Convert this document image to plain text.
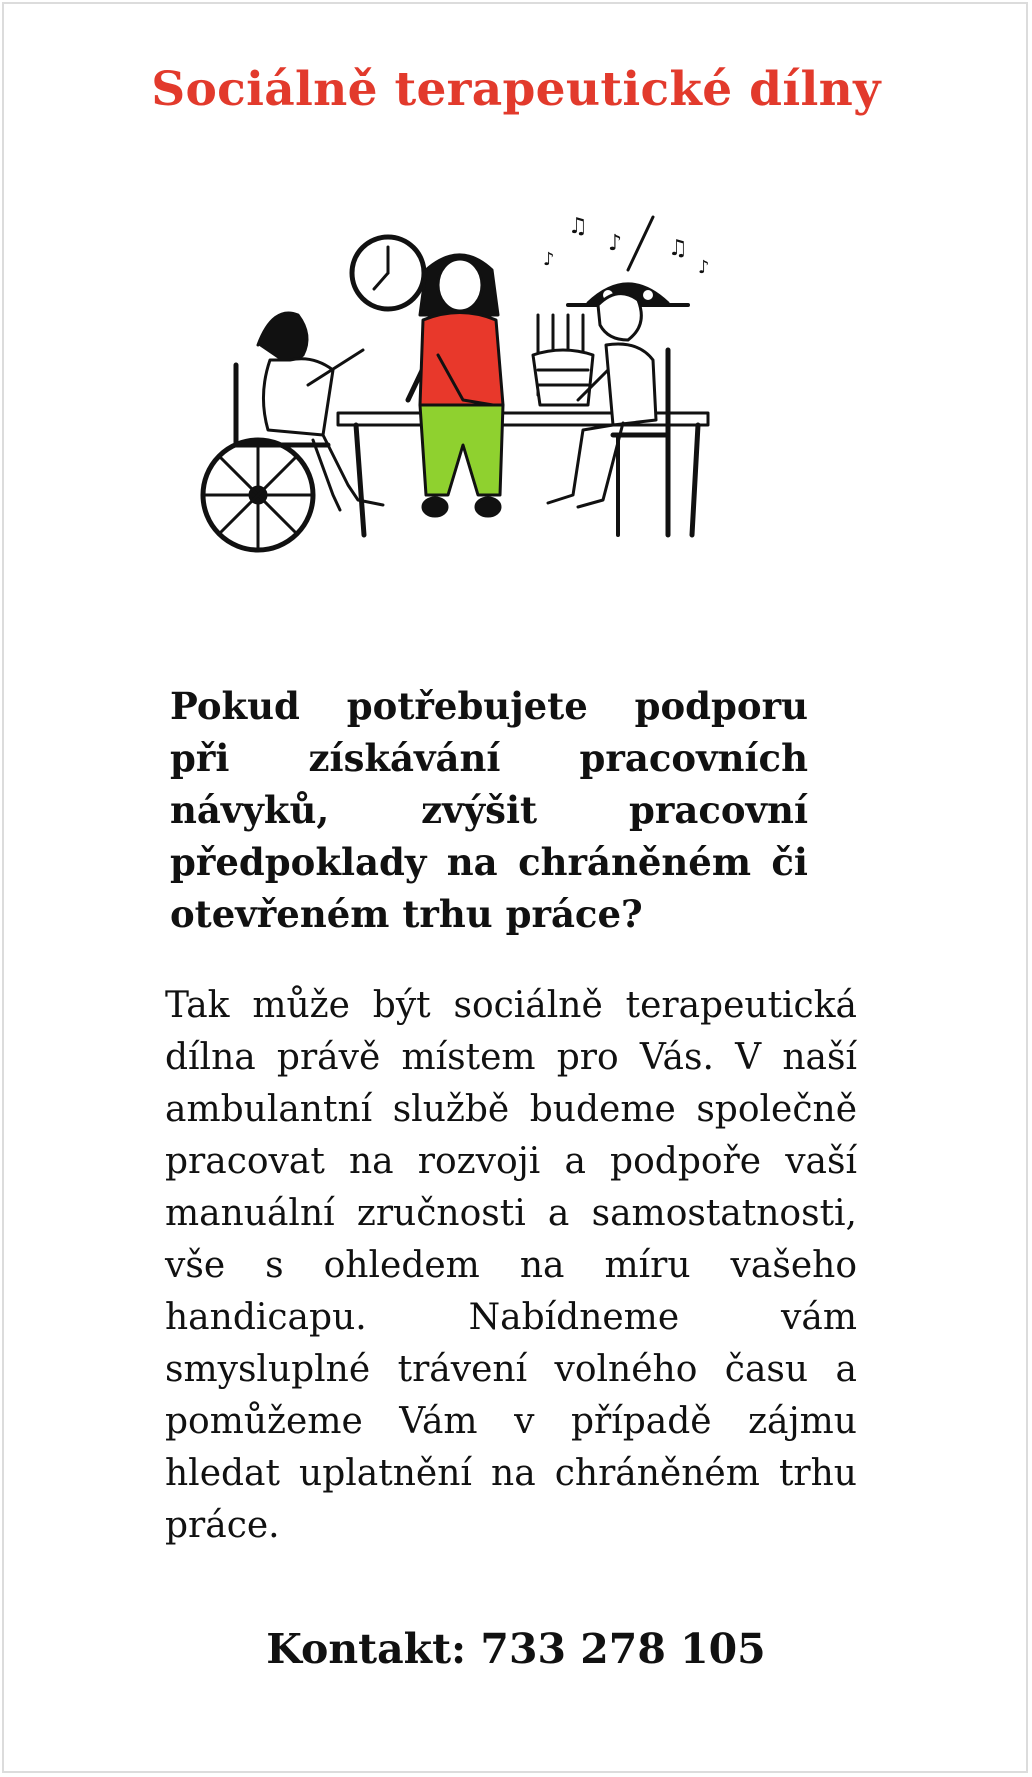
Sociálně terapeutické dílny
♫
♪ ♫
♪	♪
Pokud potřebujete podporu při získávání pracovních návyků, zvýšit pracovní předpoklady na chráněném či otevřeném trhu práce?
Tak může být sociálně terapeutická dílna právě místem pro Vás. V naší ambulantní službě budeme společně pracovat na rozvoji a podpoře vaší manuální zručnosti a samostatnosti, vše s ohledem na míru vašeho handicapu. Nabídneme vám smysluplné trávení volného času a pomůžeme Vám v případě zájmu hledat uplatnění na chráněném trhu práce.
Kontakt: 733 278 105
